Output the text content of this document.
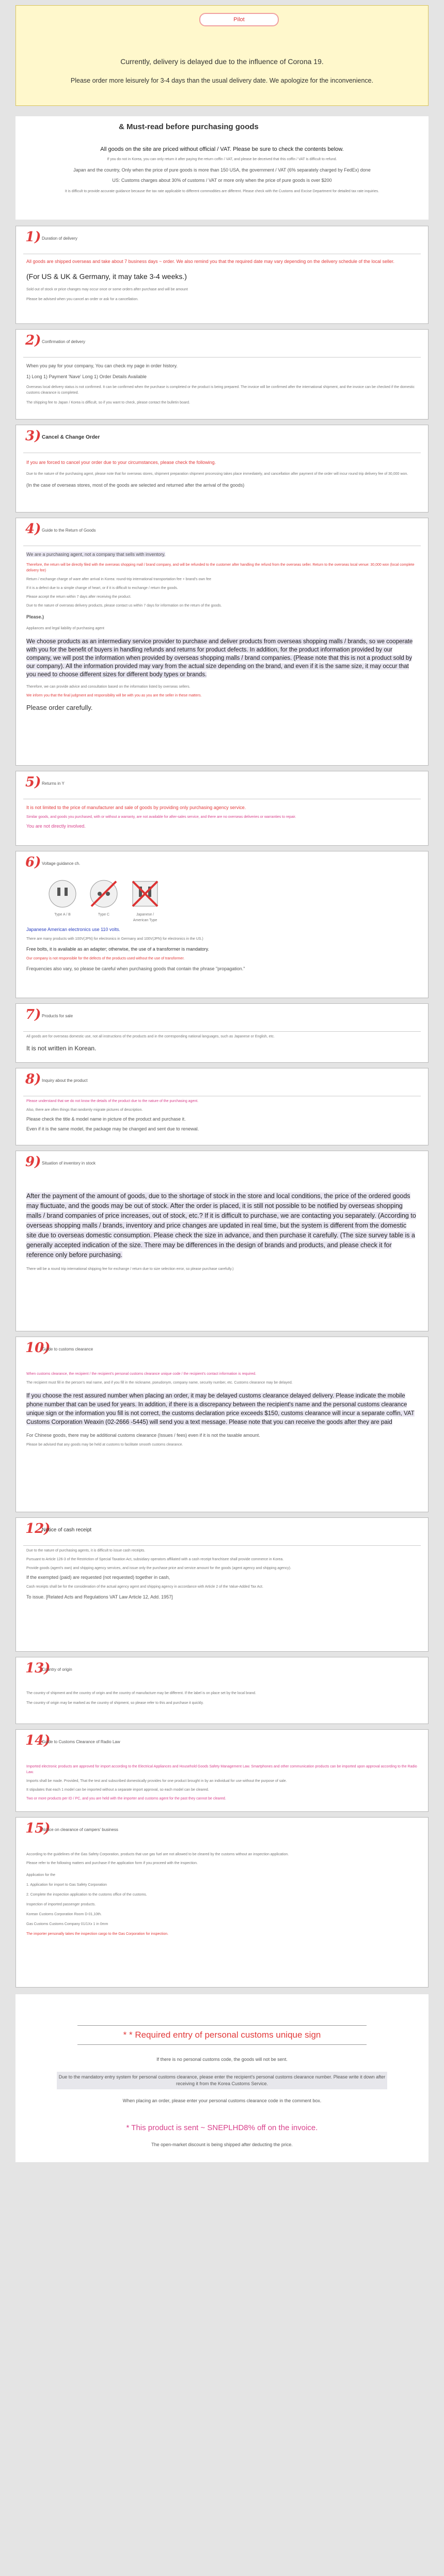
Pilot
Currently, delivery is delayed due to the influence of Corona 19.
Please order more leisurely for 3-4 days than the usual delivery date. We apologize for the inconvenience.
& Must-read before purchasing goods
All goods on the site are priced without official / VAT. Please be sure to check the contents below.
If you do not in Korea, you can only return it after paying the return coffin / VAT, and please be deceived that this coffin / VAT is difficult to refund.
Japan and the country, Only when the price of pure goods is more than 150 USA, the government / VAT (6% separately charged by FedEx) done
US: Customs charges about 30% of customs / VAT or more only when the price of pure goods is over $200
It is difficult to provide accurate guidance because the tax rate applicable to different commodities are different. Please check with the Customs and Excise Department for detailed tax rate inquiries.
1) Duration of delivery
All goods are shipped overseas and take about 7 business days ~ order. We also remind you that the required date may vary depending on the delivery schedule of the local seller.
(For US & UK & Germany, it may take 3-4 weeks.)
Sold out of stock or price changes may occur once or some orders after purchase and will be amount
Please be advised when you cancel an order or ask for a cancellation.
2) Confirmation of delivery
When you pay for your company, You can check my page in order history.
1) Long 1) Payment 'Nave' Long 1) Order Details Available
Overseas local delivery status is not confirmed. It can be confirmed when the purchase is completed or the product is being prepared. The invoice will be confirmed after the international shipment, and the invoice can be checked if the domestic customs clearance is completed.
The shipping fee to Japan / Korea is difficult, so if you want to check, please contact the bulletin board.
3) Cancel & Change Order
If you are forced to cancel your order due to your circumstances, please check the following.
Due to the nature of the purchasing agent, please note that for overseas stores, shipment preparation shipment processing takes place immediately, and cancellation after payment of the order will incur round trip delivery fee of 30,000 won.
(In the case of overseas stores, most of the goods are selected and returned after the arrival of the goods)
4) Guide to the Return of Goods
We are a purchasing agent, not a company that sells with inventory.
Therefore, the return will be directly filed with the overseas shopping mall / brand company, and will be refunded to the customer after handling the refund from the overseas seller. Return to the overseas local venue: 30,000 won (local complete delivery fee)
Return / exchange charge of ware after arrival in Korea: round-trip international transportation fee + brand's own fee
If it is a defect due to a simple change of heart, or if it is difficult to exchange / return the goods.
Please accept the return within 7 days after receiving the product.
Due to the nature of overseas delivery products, please contact us within 7 days for information on the return of the goods.
Please.)
Appliances and legal liability of purchasing agent
We choose products as an intermediary service provider to purchase and deliver products from overseas shopping malls / brands, so we cooperate with you for the benefit of buyers in handling refunds and returns for product defects. In addition, for the product information provided by our company, we will post the information when provided by overseas shopping malls / brand companies. (Please note that this is not a product sold by our company). All the information provided may vary from the actual size depending on the brand, and even if it is the same size, it may occur that you need to choose different sizes for different body types or brands.
Therefore, we can provide advice and consultation based on the information listed by overseas sellers.
We inform you that the final judgment and responsibility will be with you as you are the seller in these matters.
Please order carefully.
5) Returns in Y
It is not limited to the price of manufacturer and sale of goods by providing only purchasing agency service.
Similar goods, and goods you purchased, with or without a warranty, are not available for after-sales service, and there are no overseas deliveries or warranties to repair.
You are not directly involved.
6) Voltage guidance ch.
Type A / B	Type C	Japanese / American Type
Japanese American electronics use 110 volts.
There are many products with 100V(JPN) for electronics in Germany and 100V(JPN) for electronics in the US.)
Free bolts, it is available as an adapter; otherwise, the use of a transformer is mandatory.
Our company is not responsible for the defects of the products used without the use of transformer.
Frequencies also vary, so please be careful when purchasing goods that contain the phrase "propagation."
7) Products for sale
All goods are for overseas domestic use, not all instructions of the products and in the corresponding national languages, such as Japanese or English, etc.
It is not written in Korean.
8) Inquiry about the product
Please understand that we do not know the details of the product due to the nature of the purchasing agent.
Also, there are often things that randomly migrate pictures of description.
Please check the title & model name in picture of the product and purchase it.
Even if it is the same model, the package may be changed and sent due to renewal.
9) Situation of inventory in stock
After the payment of the amount of goods, due to the shortage of stock in the store and local conditions, the price of the ordered goods may fluctuate, and the goods may be out of stock. After the order is placed, it is still not possible to be notified by overseas shopping malls / brand companies of price increases, out of stock, etc.? If it is difficult to purchase, we are contacting you separately. (According to overseas shopping malls / brands, inventory and price changes are updated in real time, but the system is different from the domestic site due to overseas domestic consumption. Please check the size in advance, and then purchase it carefully. (The size survey table is a generally accepted indication of the size. There may be differences in the design of brands and products, and please check it for reference only before purchasing.
There will be a round trip international shipping fee for exchange / return due to size selection error, so please purchase carefully.)
10)
Guide to customs clearance
When customs clearance, the recipient / the recipient's personal customs clearance unique code / the recipient's contact information is required.
The recipient must fill in the person's real name, and if you fill in the nickname, pseudonym, company name, security number, etc. Customs clearance may be delayed.
If you choose the rest assured number when placing an order, it may be delayed customs clearance delayed delivery. Please indicate the mobile phone number that can be used for years. In addition, if there is a discrepancy between the recipient's name and the personal customs clearance unique sign or the information you fill is not correct, the customs declaration price exceeds $150, customs clearance will incur a separate coffin, VAT Customs Corporation Weaxin (02-2666 -5445) will send you a text message. Please note that you can receive the goods after they are paid
For Chinese goods, there may be additional customs clearance (Issues / fees) even if it is not the taxable amount.
Please be advised that any goods may be held at customs to facilitate smooth customs clearance.
12)
Notice of cash receipt
Due to the nature of purchasing agents, it is difficult to issue cash receipts.
Pursuant to Article 126-3 of the Restriction of Special Taxation Act, subsidiary operators affiliated with a cash receipt franchisee shall provide commerce in Korea.
Provide goods (agent's own) and shipping agency services, and issue only the purchase price and service amount for the goods (agent agency and shipping agency).
If the exempted (paid) are requested (not requested) together in cash,
Cash receipts shall be for the consideration of the actual agency agent and shipping agency in accordance with Article 2 of the Value-Added Tax Act.
To issue. [Related Acts and Regulations VAT Law Article 12, Add. 1957]
13)
Country of origin
The country of shipment and the country of origin and the country of manufacture may be different. If the label is on place set by the local brand.
The country of origin may be marked as the country of shipment, so please refer to this and purchase it quickly.
14)
Guide to Customs Clearance of Radio Law
Imported electronic products are approved for import according to the Electrical Appliances and Household Goods Safety Management Law. Smartphones and other communication products can be imported upon approval according to the Radio Law.
Imports shall be made. Provided, That the test and subscribed domestically provides for one product brought in by an individual for use without the purpose of sale.
It stipulates that each 1 model can be imported without a separate import approval, so each model can be cleared.
Two or more products per ID / PC, and you are held with the importer and customs agent for the past they cannot be cleared.
15)
Notice on clearance of campers' business
According to the guidelines of the Gas Safety Corporation, products that use gas fuel are not allowed to be cleared by the customs without an inspection application.
Please refer to the following matters and purchase if the application form if you proceed with the inspection.
Application for the
1. Application for import to Gas Safety Corporation
2. Complete the inspection application to the customs office of the customs.
Inspection of imported passenger products.
Korean Customs Corporation Room D-01,10th.
Gas Customs Customs Company 01/1Xx 1 in 0mm
The importer personally takes the inspection cargo to the Gas Corporation for inspection.
* * Required entry of personal customs unique sign
If there is no personal customs code, the goods will not be sent.
Due to the mandatory entry system for personal customs clearance, please enter the recipient's personal customs clearance number. Please write it down after receiving it from the Korea Customs Service.
When placing an order, please enter your personal customs clearance code in the comment box.
* This product is sent ~ SNEPLHD8% off on the invoice.
The open-market discount is being shipped after deducting the price.
